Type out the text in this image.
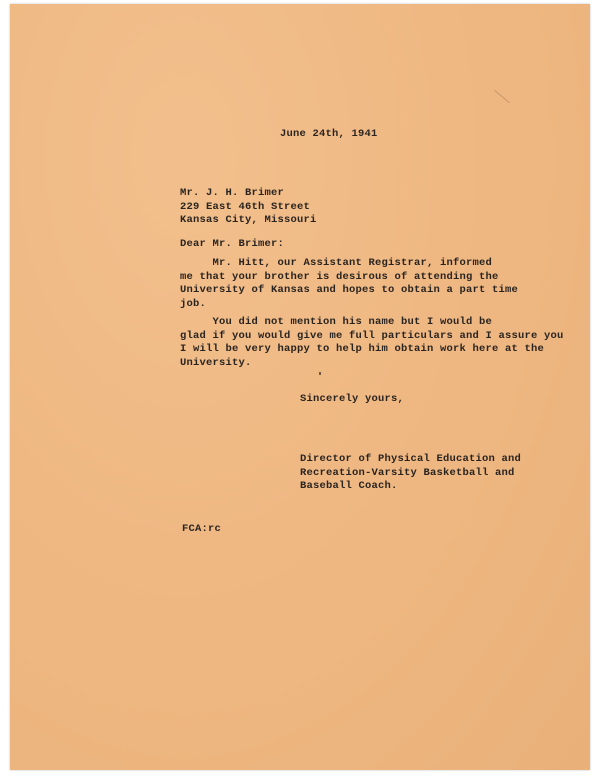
June 24th, 1941
Mr. J. H. Brimer
229 East 46th Street
Kansas City, Missouri
Dear Mr. Brimer:
Mr. Hitt, our Assistant Registrar, informed
me that your brother is desirous of attending the
University of Kansas and hopes to obtain a part time
job.
You did not mention his name but I would be
glad if you would give me full particulars and I assure you
I will be very happy to help him obtain work here at the
University.
Sincerely yours,
Director of Physical Education and
Recreation-Varsity Basketball and
Baseball Coach.
FCA:rc
